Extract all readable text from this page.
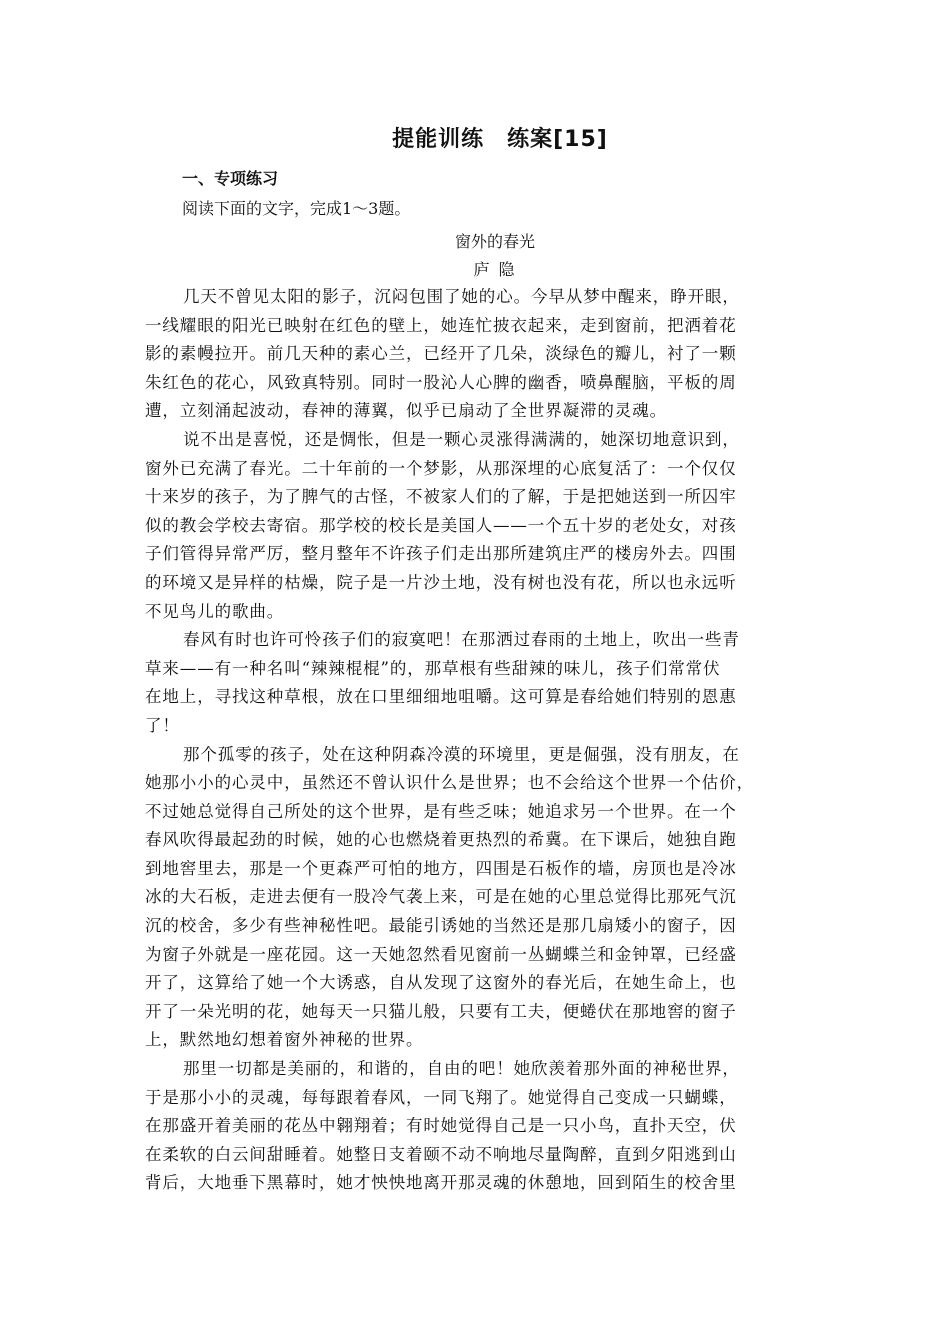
提能训练　练案[15]
一、专项练习
阅读下面的文字，完成1～3题。
窗外的春光
庐 隐
几天不曾见太阳的影子，沉闷包围了她的心。今早从梦中醒来，睁开眼，
一线耀眼的阳光已映射在红色的壁上，她连忙披衣起来，走到窗前，把洒着花
影的素幔拉开。前几天种的素心兰，已经开了几朵，淡绿色的瓣儿，衬了一颗
朱红色的花心，风致真特别。同时一股沁人心脾的幽香，喷鼻醒脑，平板的周
遭，立刻涌起波动，春神的薄翼，似乎已扇动了全世界凝滞的灵魂。
说不出是喜悦，还是惆怅，但是一颗心灵涨得满满的，她深切地意识到，
窗外已充满了春光。二十年前的一个梦影，从那深埋的心底复活了：一个仅仅
十来岁的孩子，为了脾气的古怪，不被家人们的了解，于是把她送到一所囚牢
似的教会学校去寄宿。那学校的校长是美国人——一个五十岁的老处女，对孩
子们管得异常严厉，整月整年不许孩子们走出那所建筑庄严的楼房外去。四围
的环境又是异样的枯燥，院子是一片沙土地，没有树也没有花，所以也永远听
不见鸟儿的歌曲。
春风有时也许可怜孩子们的寂寞吧！在那洒过春雨的土地上，吹出一些青
草来——有一种名叫“辣辣棍棍”的，那草根有些甜辣的味儿，孩子们常常伏
在地上，寻找这种草根，放在口里细细地咀嚼。这可算是春给她们特别的恩惠
了！
那个孤零的孩子，处在这种阴森冷漠的环境里，更是倔强，没有朋友，在
她那小小的心灵中，虽然还不曾认识什么是世界；也不会给这个世界一个估价，
不过她总觉得自己所处的这个世界，是有些乏味；她追求另一个世界。在一个
春风吹得最起劲的时候，她的心也燃烧着更热烈的希冀。在下课后，她独自跑
到地窖里去，那是一个更森严可怕的地方，四围是石板作的墙，房顶也是冷冰
冰的大石板，走进去便有一股冷气袭上来，可是在她的心里总觉得比那死气沉
沉的校舍，多少有些神秘性吧。最能引诱她的当然还是那几扇矮小的窗子，因
为窗子外就是一座花园。这一天她忽然看见窗前一丛蝴蝶兰和金钟罩，已经盛
开了，这算给了她一个大诱惑，自从发现了这窗外的春光后，在她生命上，也
开了一朵光明的花，她每天一只猫儿般，只要有工夫，便蜷伏在那地窖的窗子
上，默然地幻想着窗外神秘的世界。
那里一切都是美丽的，和谐的，自由的吧！她欣羡着那外面的神秘世界，
于是那小小的灵魂，每每跟着春风，一同飞翔了。她觉得自己变成一只蝴蝶，
在那盛开着美丽的花丛中翱翔着；有时她觉得自己是一只小鸟，直扑天空，伏
在柔软的白云间甜睡着。她整日支着颐不动不响地尽量陶醉，直到夕阳逃到山
背后，大地垂下黑幕时，她才怏怏地离开那灵魂的休憩地，回到陌生的校舍里
